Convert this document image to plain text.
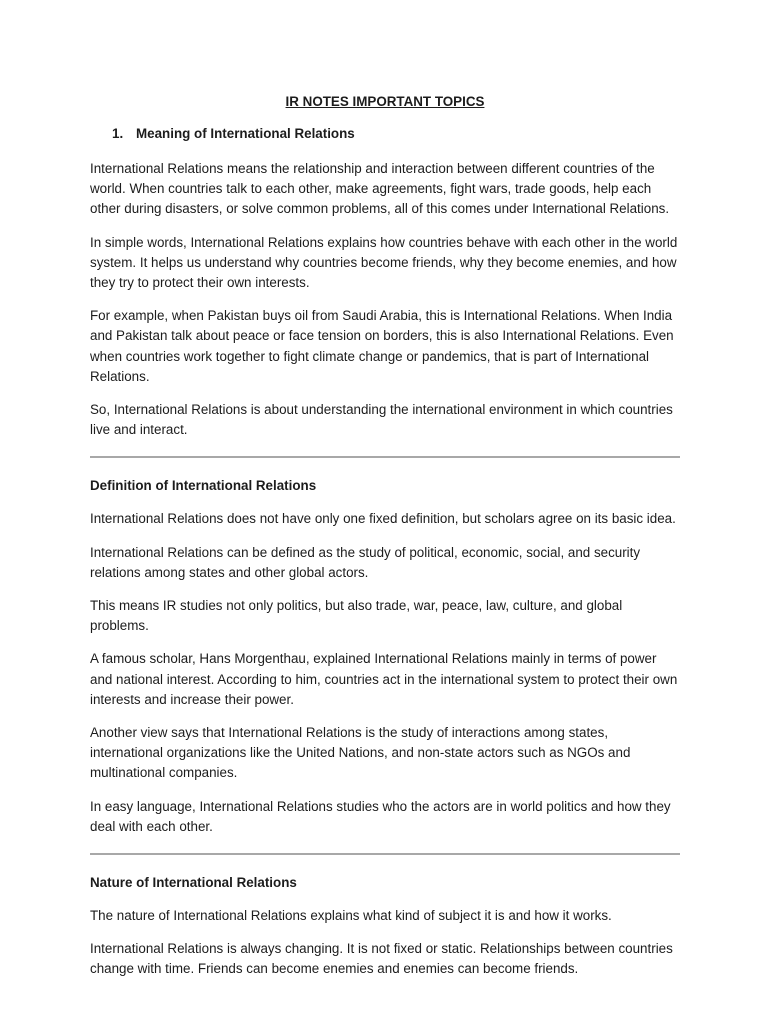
IR NOTES IMPORTANT TOPICS
1. Meaning of International Relations

International Relations means the relationship and interaction between different countries of the world. When countries talk to each other, make agreements, fight wars, trade goods, help each other during disasters, or solve common problems, all of this comes under International Relations.

In simple words, International Relations explains how countries behave with each other in the world system. It helps us understand why countries become friends, why they become enemies, and how they try to protect their own interests.

For example, when Pakistan buys oil from Saudi Arabia, this is International Relations. When India and Pakistan talk about peace or face tension on borders, this is also International Relations. Even when countries work together to fight climate change or pandemics, that is part of International Relations.

So, International Relations is about understanding the international environment in which countries live and interact.

Definition of International Relations

International Relations does not have only one fixed definition, but scholars agree on its basic idea.

International Relations can be defined as the study of political, economic, social, and security relations among states and other global actors.

This means IR studies not only politics, but also trade, war, peace, law, culture, and global problems.

A famous scholar, Hans Morgenthau, explained International Relations mainly in terms of power and national interest. According to him, countries act in the international system to protect their own interests and increase their power.

Another view says that International Relations is the study of interactions among states, international organizations like the United Nations, and non-state actors such as NGOs and multinational companies.

In easy language, International Relations studies who the actors are in world politics and how they deal with each other.

Nature of International Relations

The nature of International Relations explains what kind of subject it is and how it works.

International Relations is always changing. It is not fixed or static. Relationships between countries change with time. Friends can become enemies and enemies can become friends.
